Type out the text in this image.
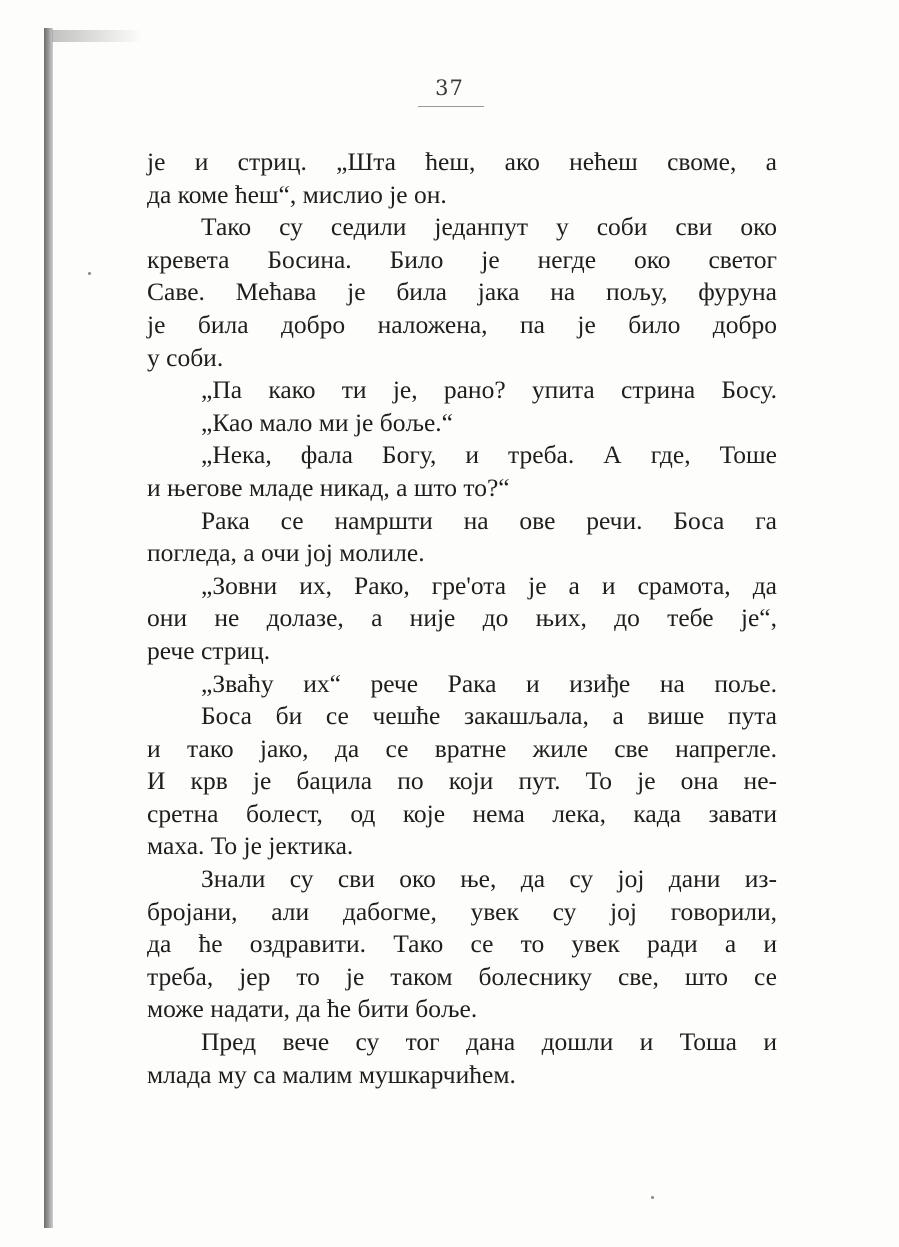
37
је и стриц. „Шта ћеш, ако нећеш своме, а
да коме ћеш“, мислио је он.
Тако су седили једанпут у соби сви око
кревета Босина. Било је негде око светог
Саве. Мећава је била јака на пољу, фуруна
је била добро наложена, па је било добро
у соби.
„Па како ти је, рано? упита стрина Босу.
„Као мало ми је боље.“
„Нека, фала Богу, и треба. А где, Тоше
и његове младе никад, а што то?“
Рака се намршти на ове речи. Боса га
погледа, а очи јој молиле.
„Зовни их, Рако, гре'ота је а и срамота, да
они не долазе, а није до њих, до тебе је“,
рече стриц.
„Зваћу их“ рече Рака и изиђе на поље.
Боса би се чешће закашљала, а више пута
и тако јако, да се вратне жиле све напрегле.
И крв је бацила по који пут. То је она не-
сретна болест, од које нема лека, када завати
маха. То је јектика.
Знали су сви око ње, да су јој дани из-
бројани, али дабогме, увек су јој говорили,
да ће оздравити. Тако се то увек ради а и
треба, јер то је таком болеснику све, што се
може надати, да ће бити боље.
Пред вече су тог дана дошли и Тоша и
млада му са малим мушкарчићем.
